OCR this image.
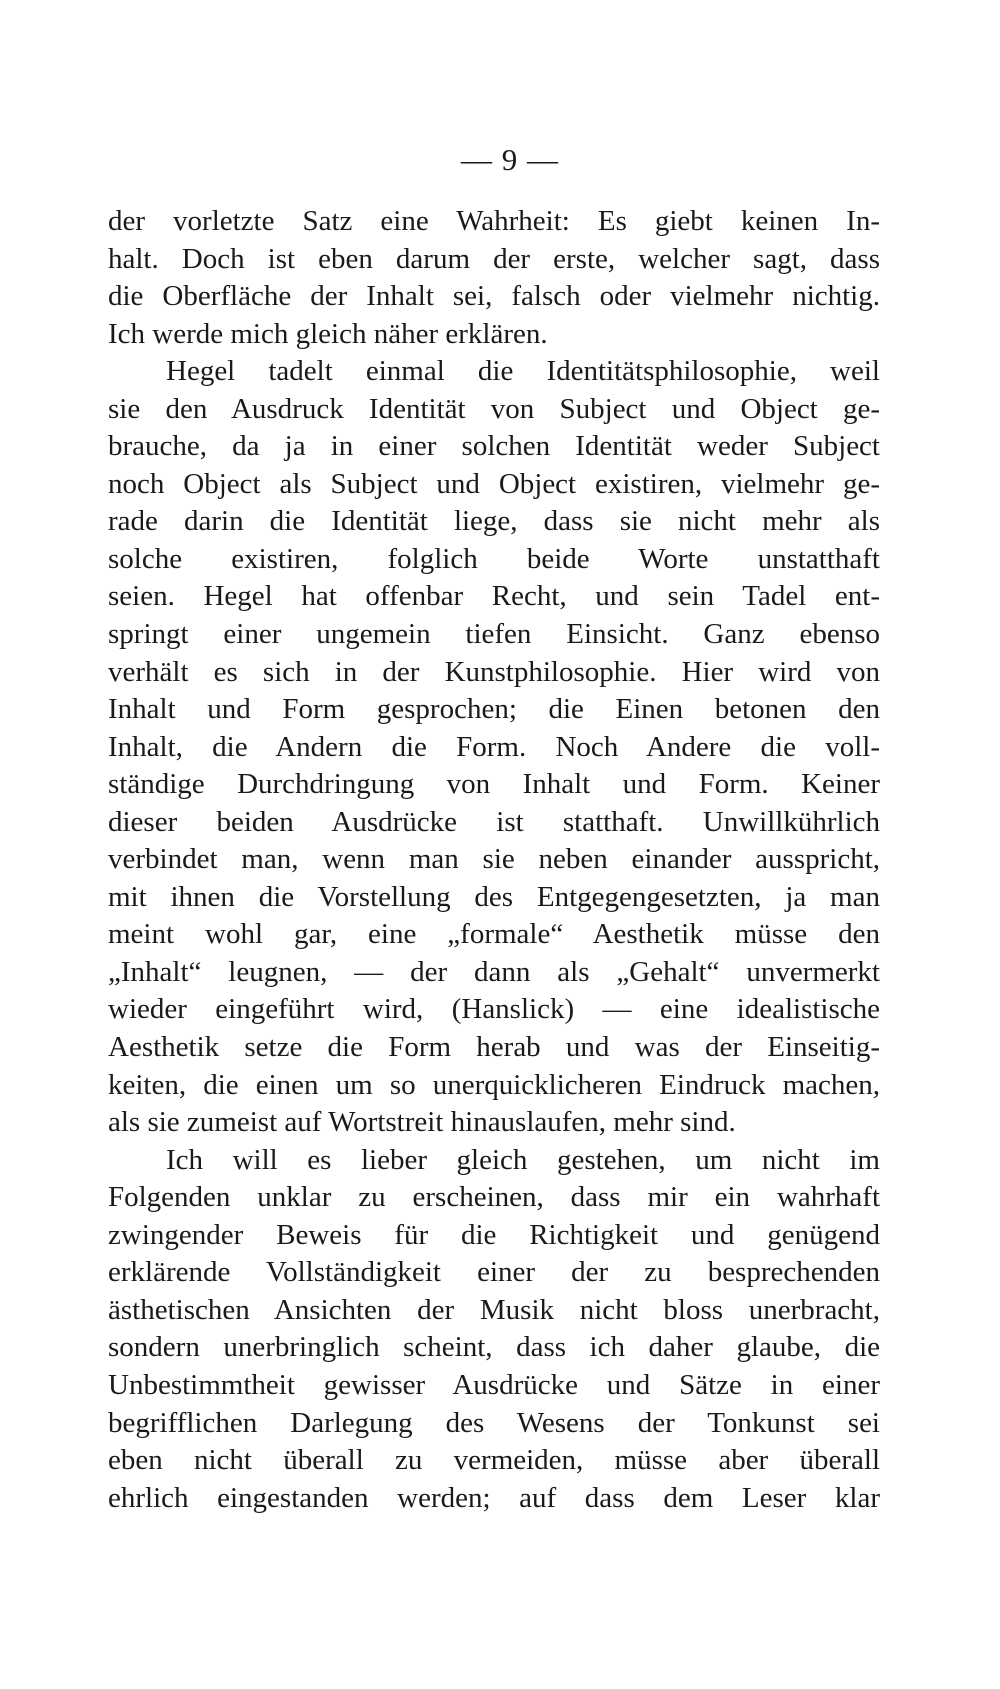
— 9 —
der vorletzte Satz eine Wahrheit: Es giebt keinen In-
halt. Doch ist eben darum der erste, welcher sagt, dass
die Oberfläche der Inhalt sei, falsch oder vielmehr nichtig.
Ich werde mich gleich näher erklären.
Hegel tadelt einmal die Identitätsphilosophie, weil
sie den Ausdruck Identität von Subject und Object ge-
brauche, da ja in einer solchen Identität weder Subject
noch Object als Subject und Object existiren, vielmehr ge-
rade darin die Identität liege, dass sie nicht mehr als
solche existiren, folglich beide Worte unstatthaft
seien. Hegel hat offenbar Recht, und sein Tadel ent-
springt einer ungemein tiefen Einsicht. Ganz ebenso
verhält es sich in der Kunstphilosophie. Hier wird von
Inhalt und Form gesprochen; die Einen betonen den
Inhalt, die Andern die Form. Noch Andere die voll-
ständige Durchdringung von Inhalt und Form. Keiner
dieser beiden Ausdrücke ist statthaft. Unwillkührlich
verbindet man, wenn man sie neben einander ausspricht,
mit ihnen die Vorstellung des Entgegengesetzten, ja man
meint wohl gar, eine „formale“ Aesthetik müsse den
„Inhalt“ leugnen, — der dann als „Gehalt“ unvermerkt
wieder eingeführt wird, (Hanslick) — eine idealistische
Aesthetik setze die Form herab und was der Einseitig-
keiten, die einen um so unerquicklicheren Eindruck machen,
als sie zumeist auf Wortstreit hinauslaufen, mehr sind.
Ich will es lieber gleich gestehen, um nicht im
Folgenden unklar zu erscheinen, dass mir ein wahrhaft
zwingender Beweis für die Richtigkeit und genügend
erklärende Vollständigkeit einer der zu besprechenden
ästhetischen Ansichten der Musik nicht bloss unerbracht,
sondern unerbringlich scheint, dass ich daher glaube, die
Unbestimmtheit gewisser Ausdrücke und Sätze in einer
begrifflichen Darlegung des Wesens der Tonkunst sei
eben nicht überall zu vermeiden, müsse aber überall
ehrlich eingestanden werden; auf dass dem Leser klar
